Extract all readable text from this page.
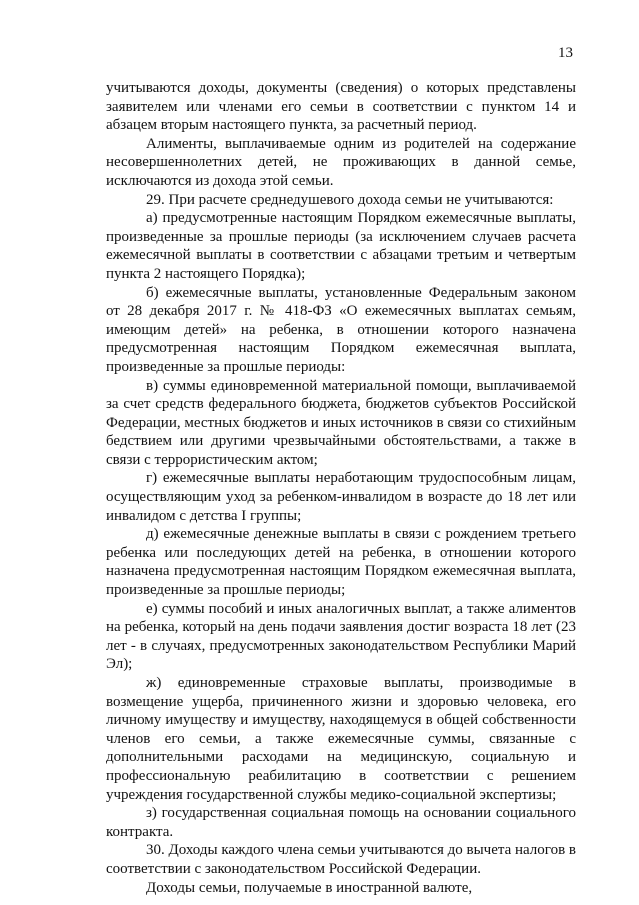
13

учитываются доходы, документы (сведения) о которых представлены заявителем или членами его семьи в соответствии с пунктом 14 и абзацем вторым настоящего пункта, за расчетный период.

Алименты, выплачиваемые одним из родителей на содержание несовершеннолетних детей, не проживающих в данной семье, исключаются из дохода этой семьи.

29. При расчете среднедушевого дохода семьи не учитываются:

а) предусмотренные настоящим Порядком ежемесячные выплаты, произведенные за прошлые периоды (за исключением случаев расчета ежемесячной выплаты в соответствии с абзацами третьим и четвертым пункта 2 настоящего Порядка);

б) ежемесячные выплаты, установленные Федеральным законом от 28 декабря 2017 г. № 418-ФЗ «О ежемесячных выплатах семьям, имеющим детей» на ребенка, в отношении которого назначена предусмотренная настоящим Порядком ежемесячная выплата, произведенные за прошлые периоды:

в) суммы единовременной материальной помощи, выплачиваемой за счет средств федерального бюджета, бюджетов субъектов Российской Федерации, местных бюджетов и иных источников в связи со стихийным бедствием или другими чрезвычайными обстоятельствами, а также в связи с террористическим актом;

г) ежемесячные выплаты неработающим трудоспособным лицам, осуществляющим уход за ребенком-инвалидом в возрасте до 18 лет или инвалидом с детства I группы;

д) ежемесячные денежные выплаты в связи с рождением третьего ребенка или последующих детей на ребенка, в отношении которого назначена предусмотренная настоящим Порядком ежемесячная выплата, произведенные за прошлые периоды;

е) суммы пособий и иных аналогичных выплат, а также алиментов на ребенка, который на день подачи заявления достиг возраста 18 лет (23 лет - в случаях, предусмотренных законодательством Республики Марий Эл);

ж) единовременные страховые выплаты, производимые в возмещение ущерба, причиненного жизни и здоровью человека, его личному имуществу и имуществу, находящемуся в общей собственности членов его семьи, а также ежемесячные суммы, связанные с дополнительными расходами на медицинскую, социальную и профессиональную реабилитацию в соответствии с решением учреждения государственной службы медико-социальной экспертизы;

з) государственная социальная помощь на основании социального контракта.

30. Доходы каждого члена семьи учитываются до вычета налогов в соответствии с законодательством Российской Федерации.

Доходы семьи, получаемые в иностранной валюте,
